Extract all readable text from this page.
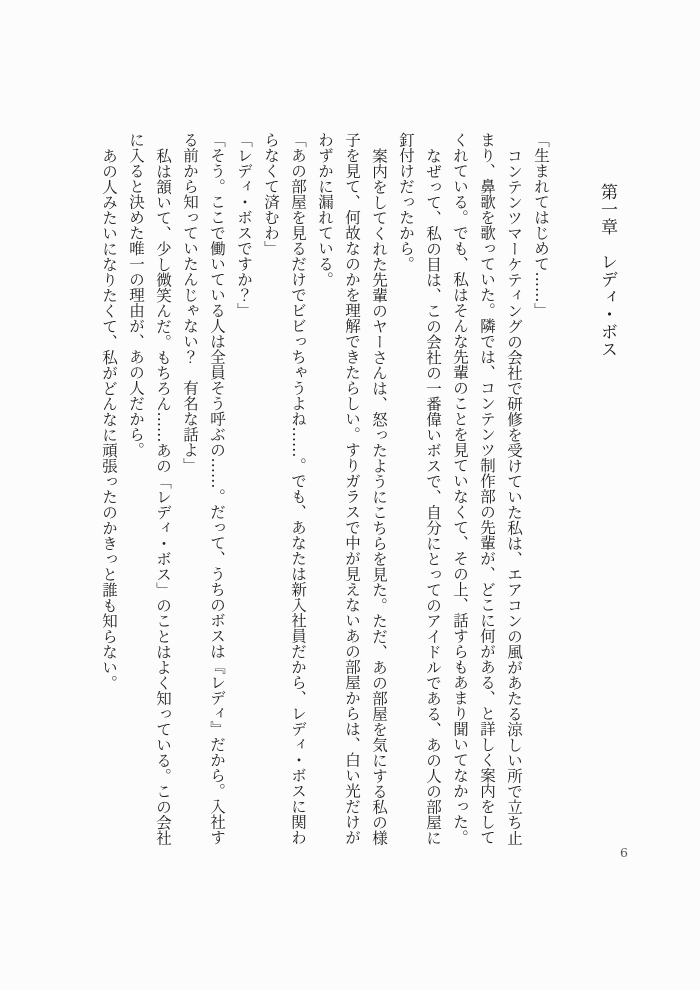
第一章　レディ・ボス

「生まれてはじめて……」

コンテンツマーケティングの会社で研修を受けていた私は、エアコンの風があたる涼しい所で立ち止まり、鼻歌を歌っていた。隣では、コンテンツ制作部の先輩が、どこに何がある、と詳しく案内をしてくれている。でも、私はそんな先輩のことを見ていなくて、その上、話すらもあまり聞いてなかった。

なぜって、私の目は、この会社の一番偉いボスで、自分にとってのアイドルである、あの人の部屋に釘付けだったから。

案内をしてくれた先輩のヤーさんは、怒ったようにこちらを見た。ただ、あの部屋を気にする私の様子を見て、何故なのかを理解できたらしい。すりガラスで中が見えないあの部屋からは、白い光だけがわずかに漏れている。

「あの部屋を見るだけでビビっちゃうよね……。でも、あなたは新入社員だから、レディ・ボスに関わらなくて済むわ」

「レディ・ボスですか？」

「そう。ここで働いている人は全員そう呼ぶの……。だって、うちのボスは『レディ』だから。入社する前から知っていたんじゃない？　有名な話よ」

私は頷いて、少し微笑んだ。もちろん……あの「レディ・ボス」のことはよく知っている。この会社に入ると決めた唯一の理由が、あの人だから。

あの人みたいになりたくて、私がどんなに頑張ったのかきっと誰も知らない。

6
